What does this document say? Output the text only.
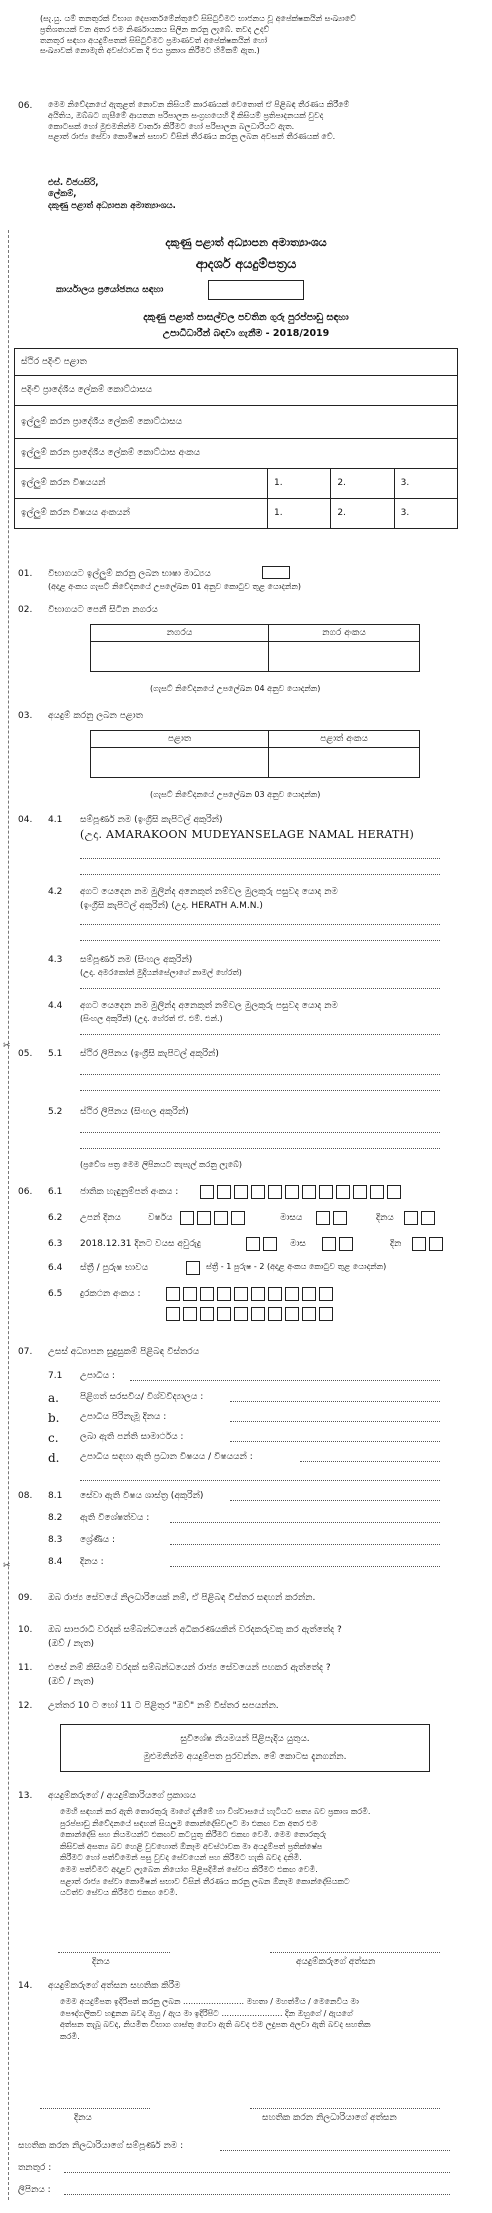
(සැ.යු. යම් තනතුරක් විභාග දෙපාර්තමේන්තුවේ සිසිටුවීමට භාජනය වූ අපේක්ෂකයින් සංඛ්‍යාවේ
ප්‍රතිශතයක් වන අතර එම නිර්ණායකය සිලින කරනු ලැබේ. තවද උදව්
තනතුර සඳහා අයදුම්පතක් සිසිටුවීමට ප්‍රමාණවත් අපේක්ෂකයින් හෝ
සංඛ්‍යාවක් නොමැති අවස්ථාවක දී එය ප්‍රකාශ කිරීමට හිමිකම් ඇත.)
06. මෙම නිවේදනයේ ඇතුළත් නොවන කිසියම් කාරණයක් වෙතොත් ඒ පිළිබඳ තීරණය කිරීමේ
අයිතිය, ඔබ්බට ගැසීමේ ආයතන පරිපාලන සංග්‍රහයෙහි දී කිසියම් ප්‍රතිපාදනයක් වුවද
කොටසක් හෝ මුළුමනින්ම වාර්තා කිරීමට හෝ පරිපාලන බලධාරියට ඇත.
පළාත් රාජ්‍ය සේවා කොමිෂන් සභාව විසින් තීරණය කරනු ලබන අවසන් තීරණයක් වේ.
එස්. විජයසිරි,
ලේකම්,
දකුණු පළාත් අධ්‍යාපන අමාත්‍යාංශය.
දකුණු පළාත් අධ්‍යාපන අමාත්‍යාංශය
ආදර්ශ අයදුම්පත්‍රය
කාර්යාලය ප්‍රයෝජනය සඳහා
දකුණු පළාත් පාසල්වල පවතින ගුරු පුරප්පාඩු සඳහා
උපාධිධාරීන් බඳවා ගැනීම - 2018/2019
ස්ථිර පදිංචි පළාත			
පදිංචි ප්‍රාදේශීය ලේකම් කොට්ඨාසය			
ඉල්ලුම් කරන ප්‍රාදේශීය ලේකම් කොට්ඨාසය			
ඉල්ලුම් කරන ප්‍රාදේශීය ලේකම් කොට්ඨාස අංකය			
ඉල්ලුම් කරන විෂයයන්	1.	2.	3.
ඉල්ලුම් කරන විෂයය අංකයන්	1.	2.	3.
01. විභාගයට ඉල්ලුම් කරනු ලබන භාෂා මාධ්‍යය
(අදාළ අංකය ගැසට් නිවේදනයේ උපලේඛන 01 අනුව කොටුව තුළ යොදන්න)
02. විභාගයට පෙනී සිටින නගරය
නගරය	නගර අංකය

(ගැසට් නිවේදනයේ උපලේඛන 04 අනුව යොදන්න)
03. අයදුම් කරනු ලබන පළාත
පළාත	පළාත් අංකය

(ගැසට් නිවේදනයේ උපලේඛන 03 අනුව යොදන්න)
04. 4.1 සම්පූර්ණ නම (ඉංග්‍රීසි කැපිටල් අකුරින්)
(උදා. AMARAKOON MUDEYANSELAGE NAMAL HERATH)
4.2 අගට යෙදෙන නම මුලින්ද අනෙකුත් නම්වල මුලකුරු පසුවද යොද නම
(ඉංග්‍රීසි කැපිටල් අකුරින්) (උදා. HERATH A.M.N.)
4.3 සම්පූර්ණ නම (සිංහල අකුරින්)
(උදා. අමරකෝන් මුදියන්සේලාගේ නාමල් හේරත්)
4.4 අගට යෙදෙන නම මුලින්ද අනෙකුත් නම්වල මුලකුරු පසුවද යොද නම
(සිංහල අකුරින්) (උදා. හේරත් ඒ. එම්. එන්.)
05. 5.1 ස්ථිර ලිපිනය (ඉංග්‍රීසි කැපිටල් අකුරින්)
5.2 ස්ථිර ලිපිනය (සිංහල අකුරින්)
(ප්‍රවේශ පත්‍ර මෙම ලිපිනයට තැපැල් කරනු ලැබේ)
06. 6.1 ජාතික හැඳුනුම්පත් අංකය :
6.2 උපන් දිනය	වර්ෂය	මාසය	දිනය
6.3 2018.12.31 දිනට වයස අවුරුදු	මාස	දින
6.4 ස්ත්‍රී / පුරුෂ භාවය	ස්ත්‍රී - 1 පුරුෂ - 2 (අදාළ අංකය කොටුව තුළ යොදන්න)
6.5 දුරකථන අංකය :
07. උසස් අධ්‍යාපන සුදුසුකම් පිළිබඳ විස්තරය
7.1 උපාධිය :
a. පිළිගත් සරසවිය/ විශ්වවිද්‍යාලය :
b. උපාධිය පිරිනැමූ දිනය :
c. ලබා ඇති පන්ති සාමාර්ථය :
d. උපාධිය සඳහා ඇති ප්‍රධාන විෂයය / විෂයයන් :
08. 8.1 සේවා ඇති විෂය ශාස්ත්‍ර (අකුරින්)
8.2 ඇති විශේෂත්වය :
8.3 ශ්‍රේණිය :
8.4 දිනය :
09. ඔබ රාජ්‍ය සේවයේ නිලධාරියෙක් නම්, ඒ පිළිබඳ විස්තර සඳහන් කරන්න.
10. ඔබ සාපරාධී වරදක් සම්බන්ධයෙන් අධිකරණයකින් වරදකරුවකු කර ඇත්තේද ?
(ඔව් / නැත)
11. එසේ නම් කිසියම් වරදක් සම්බන්ධයෙන් රාජ්‍ය සේවයෙන් පහකර ඇත්තේද ?
(ඔව් / නැත)
12. උත්තර 10 ට හෝ 11 ට පිළිතුර "ඔව්" නම් විස්තර සපයන්න.
සුවිශේෂ නියමයන් පිළිපැදිය යුතුය.
මුළුමනින්ම අයදුම්පත පුරවන්න. මේ කොටස දැනගන්න.
13. අයදුම්කරුගේ / අයදුම්කාරියගේ ප්‍රකාශය
මෙහි සඳහන් කර ඇති තොරතුරු මාගේ දැනීමේ හා විශ්වාසයේ හැටියට සත්‍ය බව ප්‍රකාශ කරමි.
පුරප්පාඩු නිවේදනයේ සඳහන් සියලුම කොන්දේසිවලට මා එකඟ වන අතර එම
කොන්දේසි සහ නියමයන්ට එකඟව කටයුතු කිරීමට එකඟ වෙමි. මෙම තොරතුරු
කිසිවක් අසත්‍ය බව හෙළි වුවහොත් ඕනෑම අවස්ථාවක මා අයදුම්පත් ප්‍රතික්ෂේප
කිරීමට හෝ පත්වීමෙන් පසු වුවද සේවයෙන් පහ කිරීමට හැකි බවද දනිමි.
මෙම පත්වීමට අදාළව ලැබෙන නියෝග පිළිපදිමින් සේවය කිරීමට එකඟ වෙමි.
පළාත් රාජ්‍ය සේවා කොමිෂන් සභාව විසින් තීරණය කරනු ලබන ඕනෑම කොන්දේසියකට
යටත්ව සේවය කිරීමට එකඟ වෙමි.
දිනය	අයදුම්කරුගේ අත්සන
14. අයදුම්කරුගේ අත්සන සහතික කිරීම
මෙම අයදුම්පත ඉදිරිපත් කරනු ලබන ........................ මහතා / මහත්මිය / මෙනෙවිය මා
පෞද්ගලිකව හඳුනන බවද ඔහු / ඇය මා ඉදිරිපිට ........................ දින ඔහුගේ / ඇයගේ
අත්සන තැබූ බවද, නියමිත විභාග ගාස්තු ගෙවා ඇති බවද එම ලදුපත අලවා ඇති බවද සහතික
කරමි.
දිනය	සහතික කරන නිලධාරියාගේ අත්සන
සහතික කරන නිලධාරියාගේ සම්පූර්ණ නම :
තනතුර :
ලිපිනය :
✂
✂
